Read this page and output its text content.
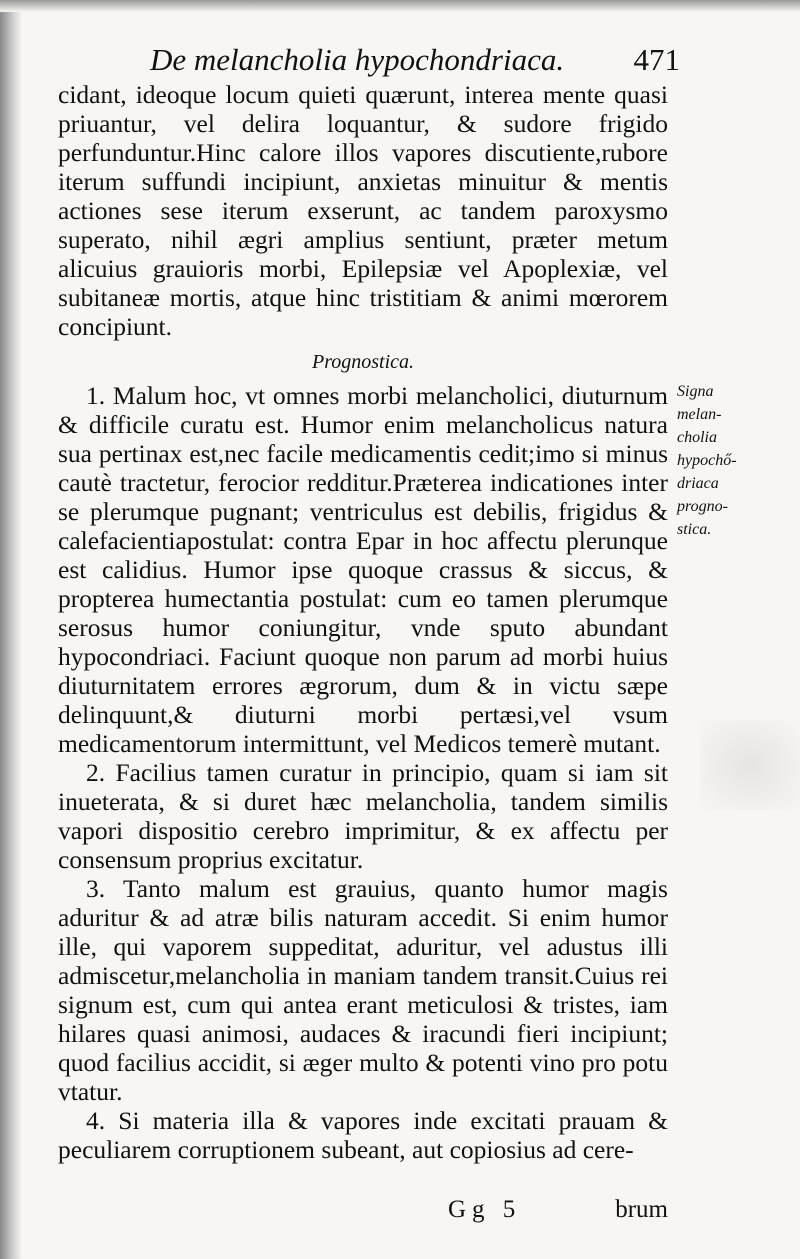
De melancholia hypochondriaca. 471

cidant, ideoque locum quieti quærunt, interea mente quasi priuantur, vel delira loquantur, & sudore frigido perfunduntur.Hinc calore illos vapores discutiente,rubore iterum suffundi incipiunt, anxietas minuitur & mentis actiones sese iterum exserunt, ac tandem paroxysmo superato, nihil ægri amplius sentiunt, præter metum alicuius grauioris morbi, Epilepsiæ vel Apoplexiæ, vel subitaneæ mortis, atque hinc tristitiam & animi mœrorem concipiunt.

Prognostica.

1. Malum hoc, vt omnes morbi melancholici, diuturnum & difficile curatu est. Humor enim melancholicus natura sua pertinax est,nec facile medicamentis cedit;imo si minus cautè tractetur, ferocior redditur.Præterea indicationes inter se plerumque pugnant; ventriculus est debilis, frigidus & calefacientiapostulat: contra Epar in hoc affectu plerunque est calidius. Humor ipse quoque crassus & siccus, & propterea humectantia postulat: cum eo tamen plerumque serosus humor coniungitur, vnde sputo abundant hypocondriaci. Faciunt quoque non parum ad morbi huius diuturnitatem errores ægrorum, dum & in victu sæpe delinquunt,& diuturni morbi pertæsi,vel vsum medicamentorum intermittunt, vel Medicos temerè mutant.

2. Facilius tamen curatur in principio, quam si iam sit inueterata, & si duret hæc melancholia, tandem similis vapori dispositio cerebro imprimitur, & ex affectu per consensum proprius excitatur.

3. Tanto malum est grauius, quanto humor magis aduritur & ad atræ bilis naturam accedit. Si enim humor ille, qui vaporem suppeditat, aduritur, vel adustus illi admiscetur,melancholia in maniam tandem transit.Cuius rei signum est, cum qui antea erant meticulosi & tristes, iam hilares quasi animosi, audaces & iracundi fieri incipiunt; quod facilius accidit, si æger multo & potenti vino pro potu vtatur.

4. Si materia illa & vapores inde excitati prauam & peculiarem corruptionem subeant, aut copiosius ad cere-

Signa
melan-
cholia
hypochő-
driaca
progno-
stica.
Gg 5	brum
